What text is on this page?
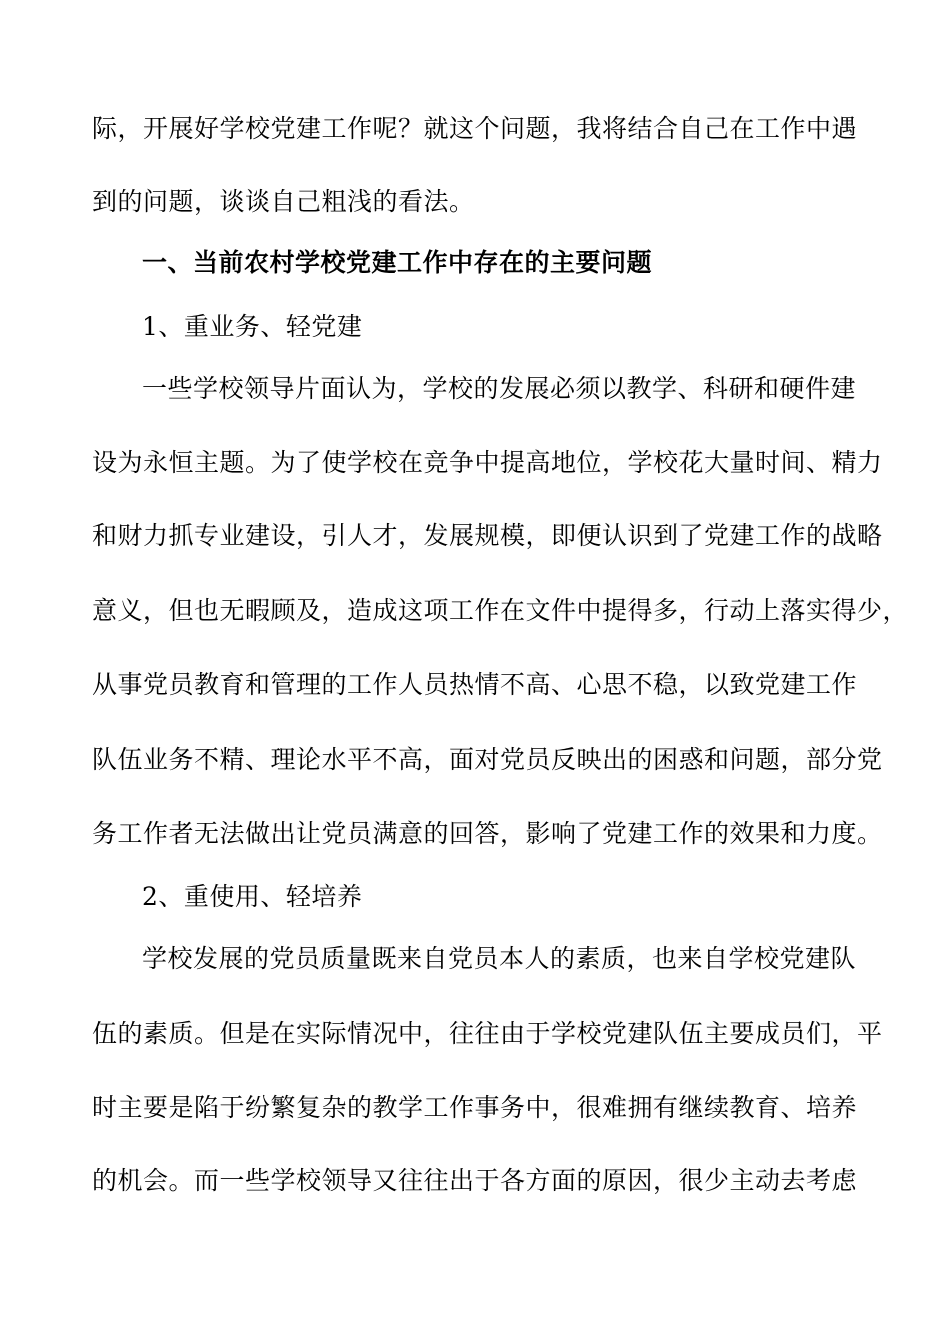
际，开展好学校党建工作呢？就这个问题，我将结合自己在工作中遇
到的问题，谈谈自己粗浅的看法。
一、当前农村学校党建工作中存在的主要问题
1、重业务、轻党建
一些学校领导片面认为，学校的发展必须以教学、科研和硬件建
设为永恒主题。为了使学校在竞争中提高地位，学校花大量时间、精力
和财力抓专业建设，引人才，发展规模，即便认识到了党建工作的战略
意义，但也无暇顾及，造成这项工作在文件中提得多，行动上落实得少，
从事党员教育和管理的工作人员热情不高、心思不稳，以致党建工作
队伍业务不精、理论水平不高，面对党员反映出的困惑和问题，部分党
务工作者无法做出让党员满意的回答，影响了党建工作的效果和力度。
2、重使用、轻培养
学校发展的党员质量既来自党员本人的素质，也来自学校党建队
伍的素质。但是在实际情况中，往往由于学校党建队伍主要成员们，平
时主要是陷于纷繁复杂的教学工作事务中，很难拥有继续教育、培养
的机会。而一些学校领导又往往出于各方面的原因，很少主动去考虑
